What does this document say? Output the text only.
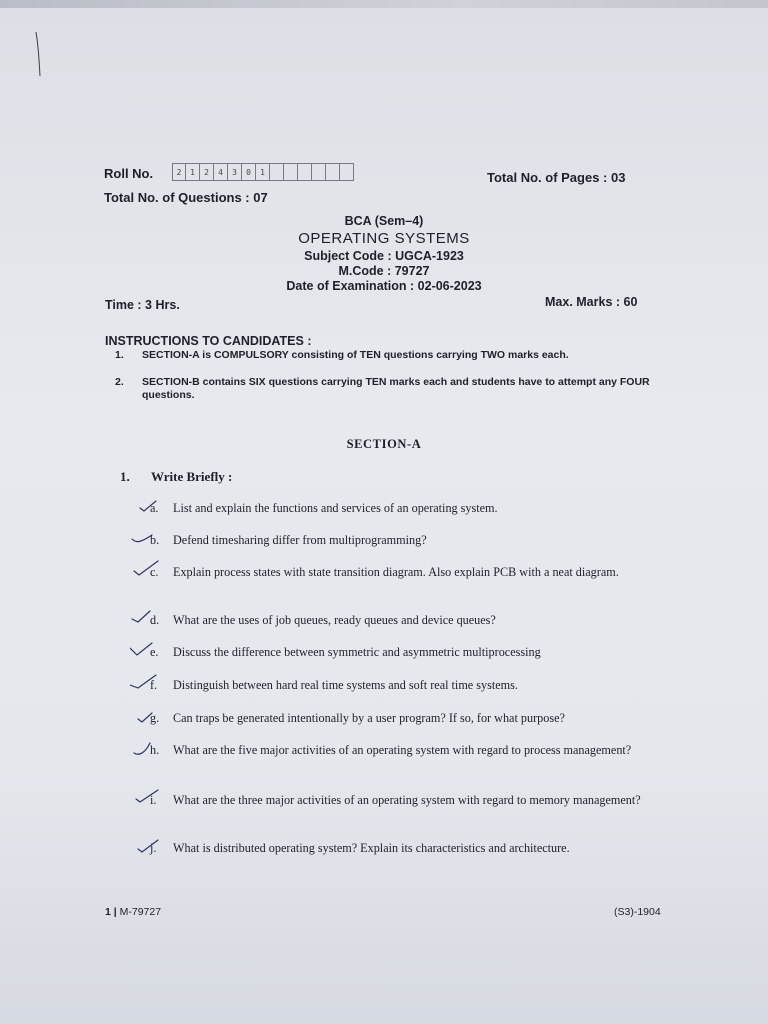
Roll No.	2	1	2	4	3	0	1	Total No. of Pages : 03
Total No. of Questions : 07
BCA (Sem–4)
OPERATING SYSTEMS
Subject Code : UGCA-1923
M.Code : 79727
Date of Examination : 02-06-2023
Time : 3 Hrs.	Max. Marks : 60
INSTRUCTIONS TO CANDIDATES :
1. SECTION-A is COMPULSORY consisting of TEN questions carrying TWO marks each.
2. SECTION-B contains SIX questions carrying TEN marks each and students have to attempt any FOUR questions.
SECTION-A
1. Write Briefly :
a.	List and explain the functions and services of an operating system.
b.	Defend timesharing differ from multiprogramming?
c.	Explain process states with state transition diagram. Also explain PCB with a neat diagram.
d.	What are the uses of job queues, ready queues and device queues?
e.	Discuss the difference between symmetric and asymmetric multiprocessing
f.	Distinguish between hard real time systems and soft real time systems.
g.	Can traps be generated intentionally by a user program? If so, for what purpose?
h.	What are the five major activities of an operating system with regard to process management?
i.	What are the three major activities of an operating system with regard to memory management?
j.	What is distributed operating system? Explain its characteristics and architecture.
1 | M-79727	(S3)-1904
